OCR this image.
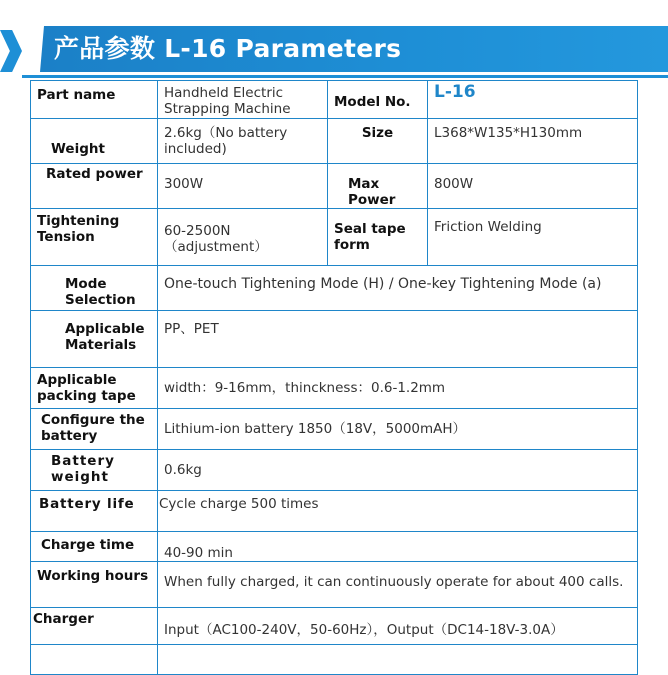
产品参数 L-16 Parameters
Part name	Handheld Electric Strapping Machine	Model No.	L-16
Weight	2.6kg（No battery included)	Size	L368*W135*H130mm
Rated power	300W	Max Power	800W
Tightening Tension	60-2500N（adjustment）	Seal tape form	Friction Welding
Mode Selection	One-touch Tightening Mode (H) / One-key Tightening Mode (a)		
Applicable Materials	PP、PET		
Applicable packing tape	width：9-16mm，thinckness：0.6-1.2mm		
Configure the battery	Lithium-ion battery 1850（18V，5000mAH）		
Battery weight	0.6kg		
Battery life	Cycle charge 500 times		
Charge time	40-90 min		
Working hours	When fully charged, it can continuously operate for about 400 calls.		
Charger	Input（AC100-240V，50-60Hz），Output（DC14-18V-3.0A）		
